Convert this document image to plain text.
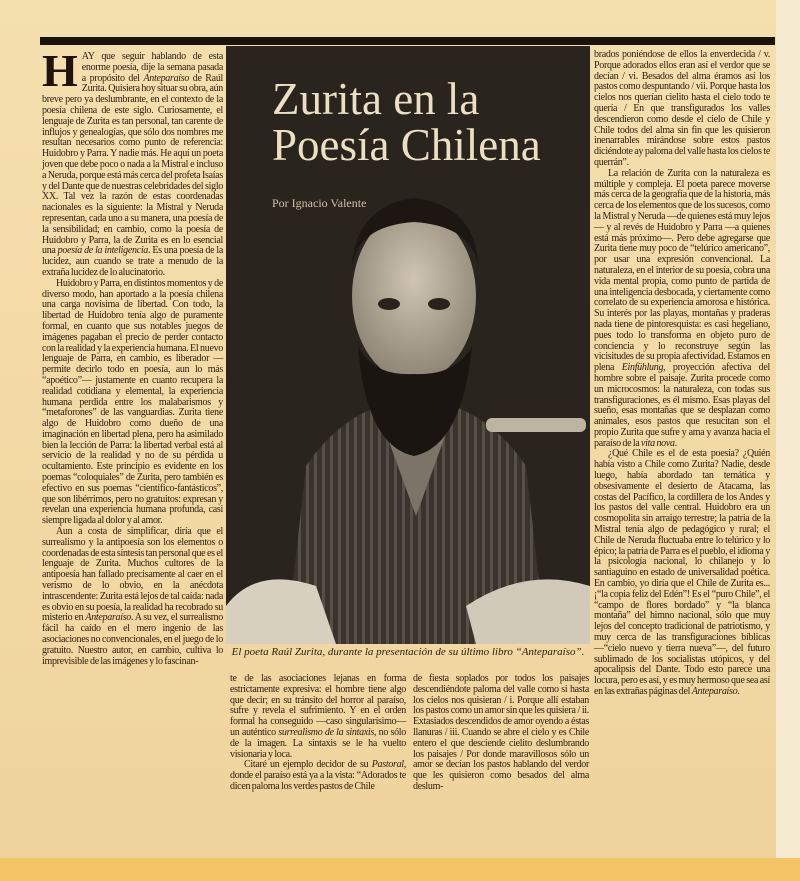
HAY que seguir hablando de esta enorme poesía, dije la semana pasada a propósito del Anteparaíso de Raúl Zurita. Quisiera hoy situar su obra, aún breve pero ya deslumbrante, en el contexto de la poesía chilena de este siglo. Curiosamente, el lenguaje de Zurita es tan personal, tan carente de influjos y genealogías, que sólo dos nombres me resultan necesarios como punto de referencia: Huidobro y Parra. Y nadie más. He aquí un poeta joven que debe poco o nada a la Mistral e incluso a Neruda, porque está más cerca del profeta Isaías y del Dante que de nuestras celebridades del siglo XX. Tal vez la razón de estas coordenadas nacionales es la siguiente: la Mistral y Neruda representan, cada uno a su manera, una poesía de la sensibilidad; en cambio, como la poesía de Huidobro y Parra, la de Zurita es en lo esencial una poesía de la inteligencia. Es una poesía de la lucidez, aun cuando se trate a menudo de la extraña lucidez de lo alucinatorio.

Huidobro y Parra, en distintos momentos y de diverso modo, han aportado a la poesía chilena una carga novísima de libertad. Con todo, la libertad de Huidobro tenía algo de puramente formal, en cuanto que sus notables juegos de imágenes pagaban el precio de perder contacto con la realidad y la experiencia humana. El nuevo lenguaje de Parra, en cambio, es liberador —permite decirlo todo en poesía, aun lo más “apoético”— justamente en cuanto recupera la realidad cotidiana y elemental, la experiencia humana perdida entre los malabarismos y “metaforones” de las vanguardias. Zurita tiene algo de Huidobro como dueño de una imaginación en libertad plena, pero ha asimilado bien la lección de Parra: la libertad verbal está al servicio de la realidad y no de su pérdida u ocultamiento. Este principio es evidente en los poemas “coloquiales” de Zurita, pero también es efectivo en sus poemas “científico-fantásticos”, que son libérrimos, pero no gratuitos: expresan y revelan una experiencia humana profunda, casi siempre ligada al dolor y al amor.

Aun a costa de simplificar, diría que el surrealismo y la antipoesía son los elementos o coordenadas de esta síntesis tan personal que es el lenguaje de Zurita. Muchos cultores de la antipoesía han fallado precisamente al caer en el verismo de lo obvio, en la anécdota intrascendente: Zurita está lejos de tal caída: nada es obvio en su poesía, la realidad ha recobrado su misterio en Anteparaíso. A su vez, el surrealismo fácil ha caído en el mero ingenio de las asociaciones no convencionales, en el juego de lo gratuito. Nuestro autor, en cambio, cultiva lo imprevisible de las imágenes y lo fascinan-

Zurita en la
Poesía Chilena
Por Ignacio Valente
El poeta Raúl Zurita, durante la presentación de su último libro “Anteparaíso”.

te de las asociaciones lejanas en forma estrictamente expresiva: el hombre tiene algo que decir; en su tránsito del horror al paraíso, sufre y revela el sufrimiento. Y en el orden formal ha conseguido —caso singularísimo— un auténtico surrealismo de la sintaxis, no sólo de la imagen. La sintaxis se le ha vuelto visionaria y loca.

Citaré un ejemplo decidor de su Pastoral, donde el paraíso está ya a la vista: “Adorados te dicen paloma los verdes pastos de Chile

de fiesta soplados por todos los paisajes descendiéndote paloma del valle como si hasta los cielos nos quisieran / i. Porque allí estaban los pastos como un amor sin que les quisiera / ii. Extasiados descendidos de amor oyendo a éstas llanuras / iii. Cuando se abre el cielo y es Chile entero el que desciende cielito deslumbrando los paisajes / Por donde maravillosos sólo un amor se decían los pastos hablando del verdor que les quisieron como besados del alma deslum-

brados poniéndose de ellos la enverdecida / v. Porque adorados ellos eran así el verdor que se decían / vi. Besados del alma éramos así los pastos como despuntando / vii. Porque hasta los cielos nos querían cielito hasta el cielo todo te quería / En que transfigurados los valles descendieron como desde el cielo de Chile y Chile todos del alma sin fin que les quisieron inenarrables mirándose sobre estos pastos diciéndote ay paloma del valle hasta los cielos te querrán”.

La relación de Zurita con la naturaleza es múltiple y compleja. El poeta parece moverse más cerca de la geografía que de la historia, más cerca de los elementos que de los sucesos, como la Mistral y Neruda —de quienes está muy lejos — y al revés de Huidobro y Parra —a quienes está más próximo—. Pero debe agregarse que Zurita tiene muy poco de “telúrico americano”, por usar una expresión convencional. La naturaleza, en el interior de su poesía, cobra una vida mental propia, como punto de partida de una inteligencia desbocada, y ciertamente como correlato de su experiencia amorosa e histórica. Su interés por las playas, montañas y praderas nada tiene de pintoresquista: es casi hegeliano, pues todo lo transforma en objeto puro de conciencia y lo reconstruye según las vicisitudes de su propia afectividad. Estamos en plena Einfühlung, proyección afectiva del hombre sobre el paisaje. Zurita procede como un microcosmos: la naturaleza, con todas sus transfiguraciones, es él mismo. Esas playas del sueño, esas montañas que se desplazan como animales, esos pastos que resucitan son el propio Zurita que sufre y ama y avanza hacia el paraíso de la vita nova.

¿Qué Chile es el de esta poesía? ¿Quién había visto a Chile como Zurita? Nadie, desde luego, había abordado tan temática y obsesivamente el desierto de Atacama, las costas del Pacífico, la cordillera de los Andes y los pastos del valle central. Huidobro era un cosmopolita sin arraigo terrestre; la patria de la Mistral tenía algo de pedagógico y rural; el Chile de Neruda fluctuaba entre lo telúrico y lo épico; la patria de Parra es el pueblo, el idioma y la psicología nacional, lo chilanejo y lo santiaguino en estado de universalidad poética. En cambio, yo diría que el Chile de Zurita es... ¡“la copia feliz del Edén”! Es el “puro Chile”, el “campo de flores bordado” y “la blanca montaña” del himno nacional, sólo que muy lejos del concepto tradicional de patriotismo, y muy cerca de las transfiguraciones bíblicas —“cielo nuevo y tierra nueva”—, del futuro sublimado de los socialistas utópicos, y del apocalipsis del Dante. Todo esto parece una locura, pero es así, y es muy hermoso que sea así en las extrañas páginas del Anteparaíso.
